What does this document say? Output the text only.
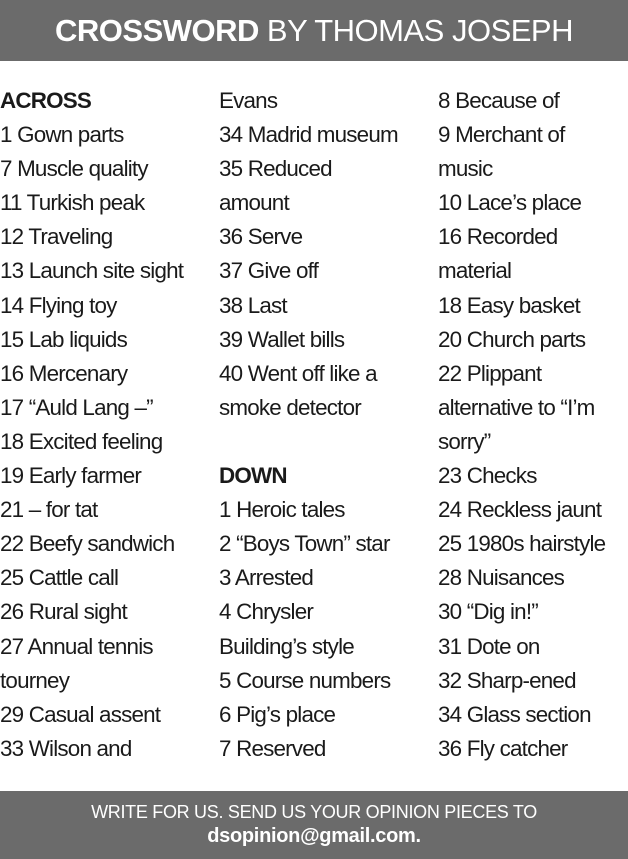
CROSSWORD BY THOMAS JOSEPH
ACROSS
1 Gown parts
7 Muscle quality
11 Turkish peak
12 Traveling
13 Launch site sight
14 Flying toy
15 Lab liquids
16 Mercenary
17 “Auld Lang –”
18 Excited feeling
19 Early farmer
21 – for tat
22 Beefy sandwich
25 Cattle call
26 Rural sight
27 Annual tennis
tourney
29 Casual assent
33 Wilson and
Evans
34 Madrid museum
35 Reduced
amount
36 Serve
37 Give off
38 Last
39 Wallet bills
40 Went off like a
smoke detector
DOWN
1 Heroic tales
2 “Boys Town” star
3 Arrested
4 Chrysler
Building’s style
5 Course numbers
6 Pig’s place
7 Reserved
8 Because of
9 Merchant of
music
10 Lace’s place
16 Recorded
material
18 Easy basket
20 Church parts
22 Plippant
alternative to “I’m
sorry”
23 Checks
24 Reckless jaunt
25 1980s hairstyle
28 Nuisances
30 “Dig in!”
31 Dote on
32 Sharp-ened
34 Glass section
36 Fly catcher
WRITE FOR US. SEND US YOUR OPINION PIECES TO
dsopinion@gmail.com.
